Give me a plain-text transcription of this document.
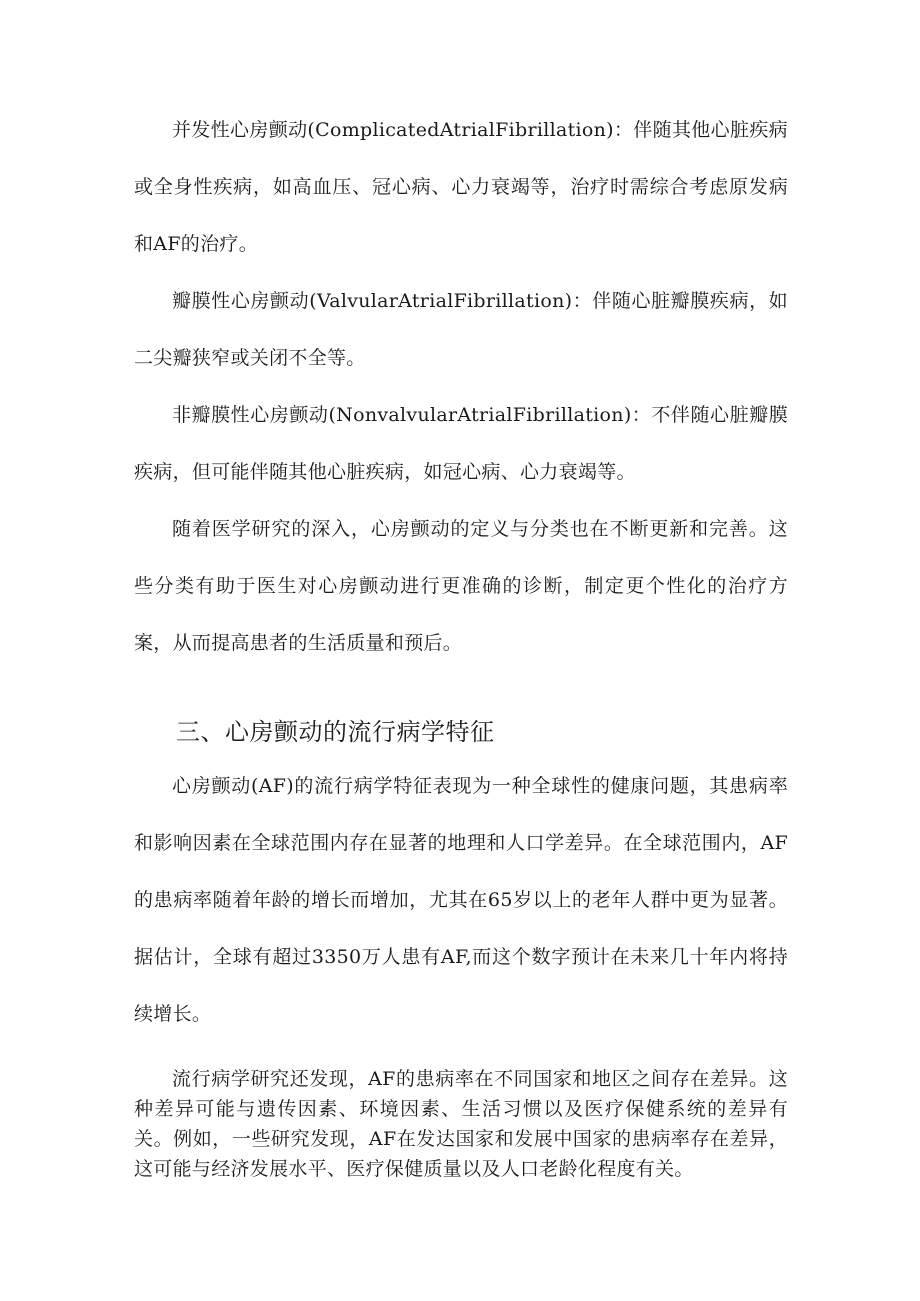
并发性心房颤动(ComplicatedAtrialFibrillation)：伴随其他心脏疾病或全身性疾病，如高血压、冠心病、心力衰竭等，治疗时需综合考虑原发病和AF的治疗。

瓣膜性心房颤动(ValvularAtrialFibrillation)：伴随心脏瓣膜疾病，如二尖瓣狭窄或关闭不全等。

非瓣膜性心房颤动(NonvalvularAtrialFibrillation)：不伴随心脏瓣膜疾病，但可能伴随其他心脏疾病，如冠心病、心力衰竭等。

随着医学研究的深入，心房颤动的定义与分类也在不断更新和完善。这些分类有助于医生对心房颤动进行更准确的诊断，制定更个性化的治疗方案，从而提高患者的生活质量和预后。

三、心房颤动的流行病学特征

心房颤动(AF)的流行病学特征表现为一种全球性的健康问题，其患病率和影响因素在全球范围内存在显著的地理和人口学差异。在全球范围内，AF的患病率随着年龄的增长而增加，尤其在65岁以上的老年人群中更为显著。据估计，全球有超过3350万人患有AF,而这个数字预计在未来几十年内将持续增长。

流行病学研究还发现，AF的患病率在不同国家和地区之间存在差异。这种差异可能与遗传因素、环境因素、生活习惯以及医疗保健系统的差异有关。例如，一些研究发现，AF在发达国家和发展中国家的患病率存在差异，这可能与经济发展水平、医疗保健质量以及人口老龄化程度有关。
